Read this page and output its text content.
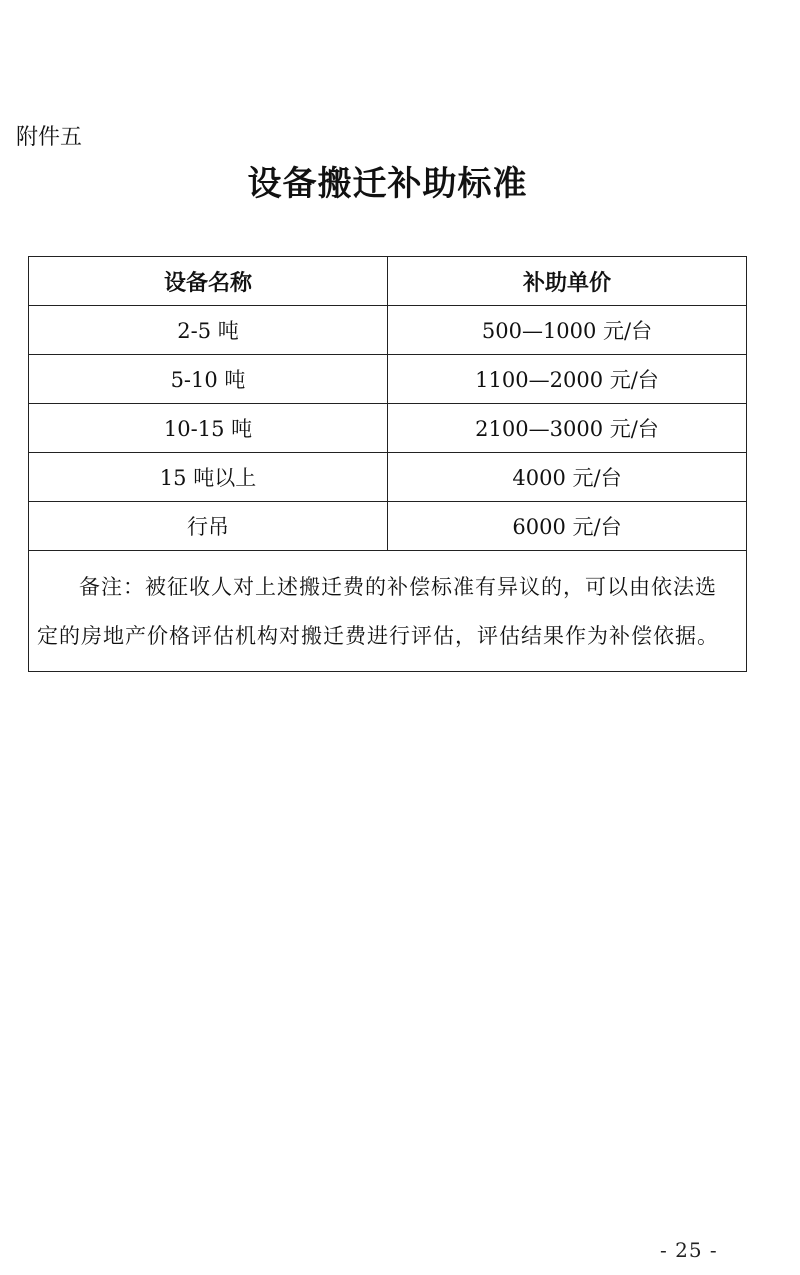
附件五
设备搬迁补助标准
设备名称	补助单价
2-5 吨	500—1000 元/台
5-10 吨	1100—2000 元/台
10-15 吨	2100—3000 元/台
15 吨以上	4000 元/台
行吊	6000 元/台
备注：被征收人对上述搬迁费的补偿标准有异议的，可以由依法选定的房地产价格评估机构对搬迁费进行评估，评估结果作为补偿依据。	
- 25 -
